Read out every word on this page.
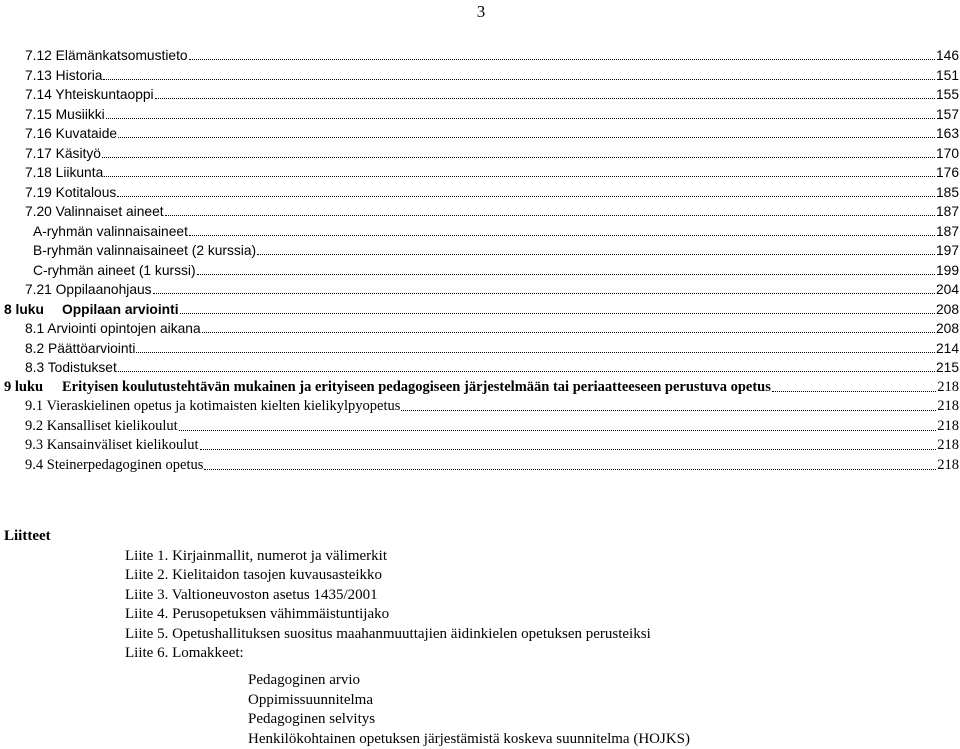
3
7.12 Elämänkatsomustieto	146
7.13 Historia	151
7.14 Yhteiskuntaoppi	155
7.15 Musiikki	157
7.16 Kuvataide	163
7.17 Käsityö	170
7.18 Liikunta	176
7.19 Kotitalous	185
7.20 Valinnaiset aineet	187
A-ryhmän valinnaisaineet	187
B-ryhmän valinnaisaineet (2 kurssia)	197
C-ryhmän aineet (1 kurssi)	199
7.21 Oppilaanohjaus	204
8 luku	Oppilaan arviointi	208
8.1 Arviointi opintojen aikana	208
8.2 Päättöarviointi	214
8.3 Todistukset	215
9 luku	Erityisen koulutustehtävän mukainen ja erityiseen pedagogiseen järjestelmään tai periaatteeseen perustuva opetus	218
9.1 Vieraskielinen opetus ja kotimaisten kielten kielikylpyopetus	218
9.2 Kansalliset kielikoulut	218
9.3 Kansainväliset kielikoulut	218
9.4 Steinerpedagoginen opetus	218
Liitteet
Liite 1. Kirjainmallit, numerot ja välimerkit
Liite 2. Kielitaidon tasojen kuvausasteikko
Liite 3. Valtioneuvoston asetus 1435/2001
Liite 4. Perusopetuksen vähimmäistuntijako
Liite 5. Opetushallituksen suositus maahanmuuttajien äidinkielen opetuksen perusteiksi
Liite 6. Lomakkeet:
Pedagoginen arvio
Oppimissuunnitelma
Pedagoginen selvitys
Henkilökohtainen opetuksen järjestämistä koskeva suunnitelma (HOJKS)
